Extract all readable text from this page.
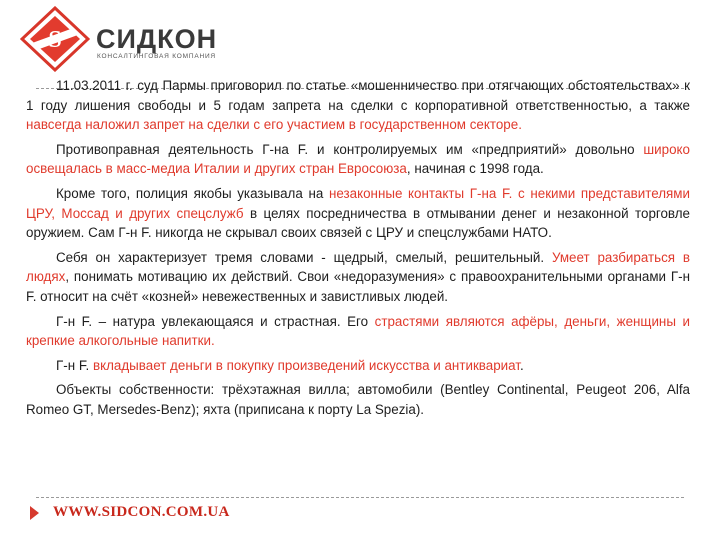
S СИДКОН
КОНСАЛТИНГОВАЯ КОМПАНИЯ

11.03.2011 г. суд Пармы приговорил по статье «мошенничество при отягчающих обстоятельствах» к 1 году лишения свободы и 5 годам запрета на сделки с корпоративной ответственностью, а также навсегда наложил запрет на сделки с его участием в государственном секторе.

Противоправная деятельность Г-на F. и контролируемых им «предприятий» довольно широко освещалась в масс-медиа Италии и других стран Евросоюза, начиная с 1998 года.

Кроме того, полиция якобы указывала на незаконные контакты Г-на F. с некими представителями ЦРУ, Моссад и других спецслужб в целях посредничества в отмывании денег и незаконной торговле оружием. Сам Г-н F. никогда не скрывал своих связей с ЦРУ и спецслужбами НАТО.

Себя он характеризует тремя словами - щедрый, смелый, решительный. Умеет разбираться в людях, понимать мотивацию их действий. Свои «недоразумения» с правоохранительными органами Г-н F. относит на счёт «козней» невежественных и завистливых людей.

Г-н F. – натура увлекающаяся и страстная. Его страстями являются афёры, деньги, женщины и крепкие алкогольные напитки.

Г-н F. вкладывает деньги в покупку произведений искусства и антиквариат.

Объекты собственности: трёхэтажная вилла; автомобили (Bentley Continental, Peugeot 206, Alfa Romeo GT, Mersedes-Benz); яхта (приписана к порту La Spezia).

WWW.SIDCON.COM.UA
